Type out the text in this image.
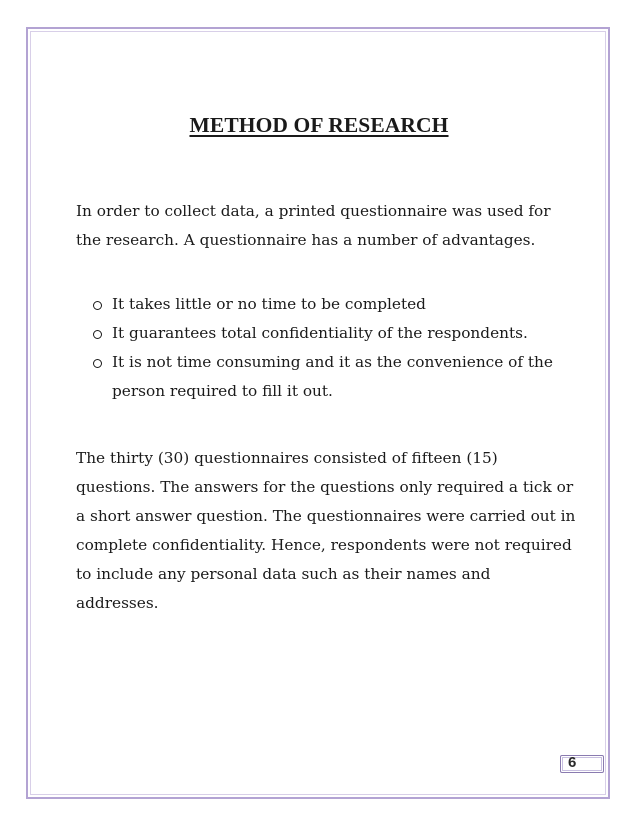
METHOD OF RESEARCH

In order to collect data, a printed questionnaire was used for the research. A questionnaire has a number of advantages.

It takes little or no time to be completed
It guarantees total confidentiality of the respondents.
It is not time consuming and it as the convenience of the person required to fill it out.

The thirty (30) questionnaires consisted of fifteen (15) questions. The answers for the questions only required a tick or a short answer question. The questionnaires were carried out in complete confidentiality. Hence, respondents were not required to include any personal data such as their names and addresses.

6
